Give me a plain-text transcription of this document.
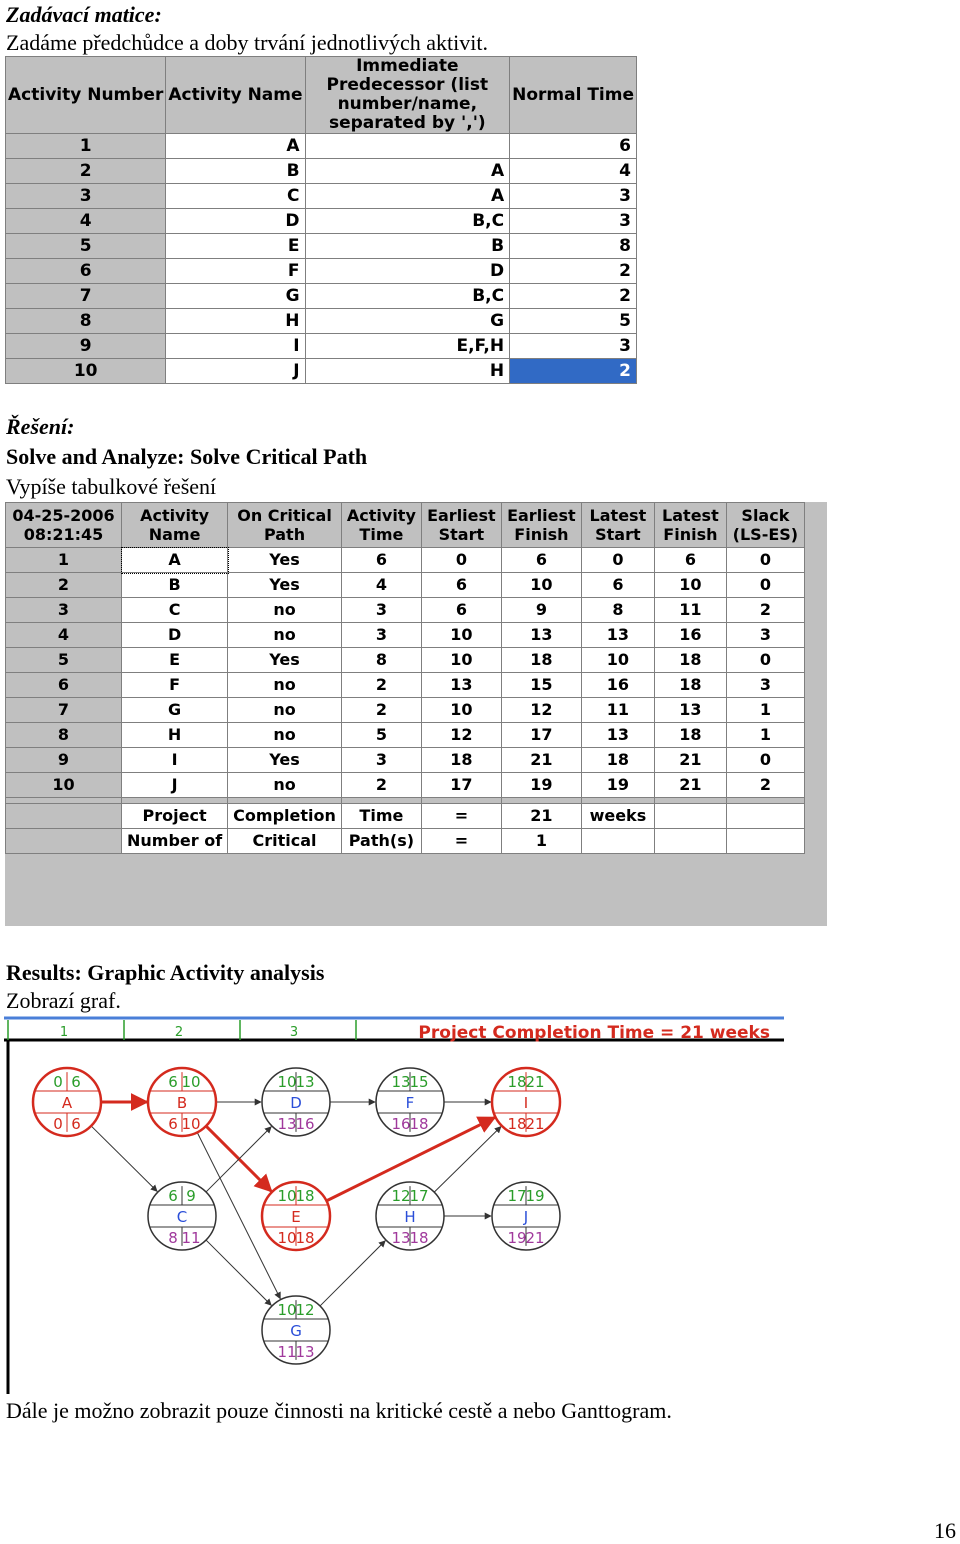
Zadávací matice:
Zadáme předchůdce a doby trvání jednotlivých aktivit.
Activity Number	Activity Name	Immediate Predecessor (list number/name, separated by ',')	Normal Time
1	A		6
2	B	A	4
3	C	A	3
4	D	B,C	3
5	E	B	8
6	F	D	2
7	G	B,C	2
8	H	G	5
9	I	E,F,H	3
10	J	H	2
Řešení:
Solve and Analyze: Solve Critical Path
Vypíše tabulkové řešení
04-25-2006
08:21:45	Activity Name	On Critical Path	Activity Time	Earliest Start	Earliest Finish	Latest Start	Latest Finish	Slack (LS-ES)
1	A	Yes	6	0	6	0	6	0
2	B	Yes	4	6	10	6	10	0
3	C	no	3	6	9	8	11	2
4	D	no	3	10	13	13	16	3
5	E	Yes	8	10	18	10	18	0
6	F	no	2	13	15	16	18	3
7	G	no	2	10	12	11	13	1
8	H	no	5	12	17	13	18	1
9	I	Yes	3	18	21	18	21	0
10	J	no	2	17	19	19	21	2

	Project	Completion	Time	=	21	weeks		
	Number of	Critical	Path(s)	=	1			
Results: Graphic Activity analysis
Zobrazí graf.
1	2	3	Project Completion Time = 21 weeks
0 6
A
0 6
6 10
B
6 10
10
13
D
13
16
13
15
F
16
18
18
21
I
18
21
6 9
C
8 11
10
18
E
10
18
12
17
H
13
18
17
19
J
19
21
10
12
G
11
13
Dále je možno zobrazit pouze činnosti na kritické cestě a nebo Ganttogram.
16
